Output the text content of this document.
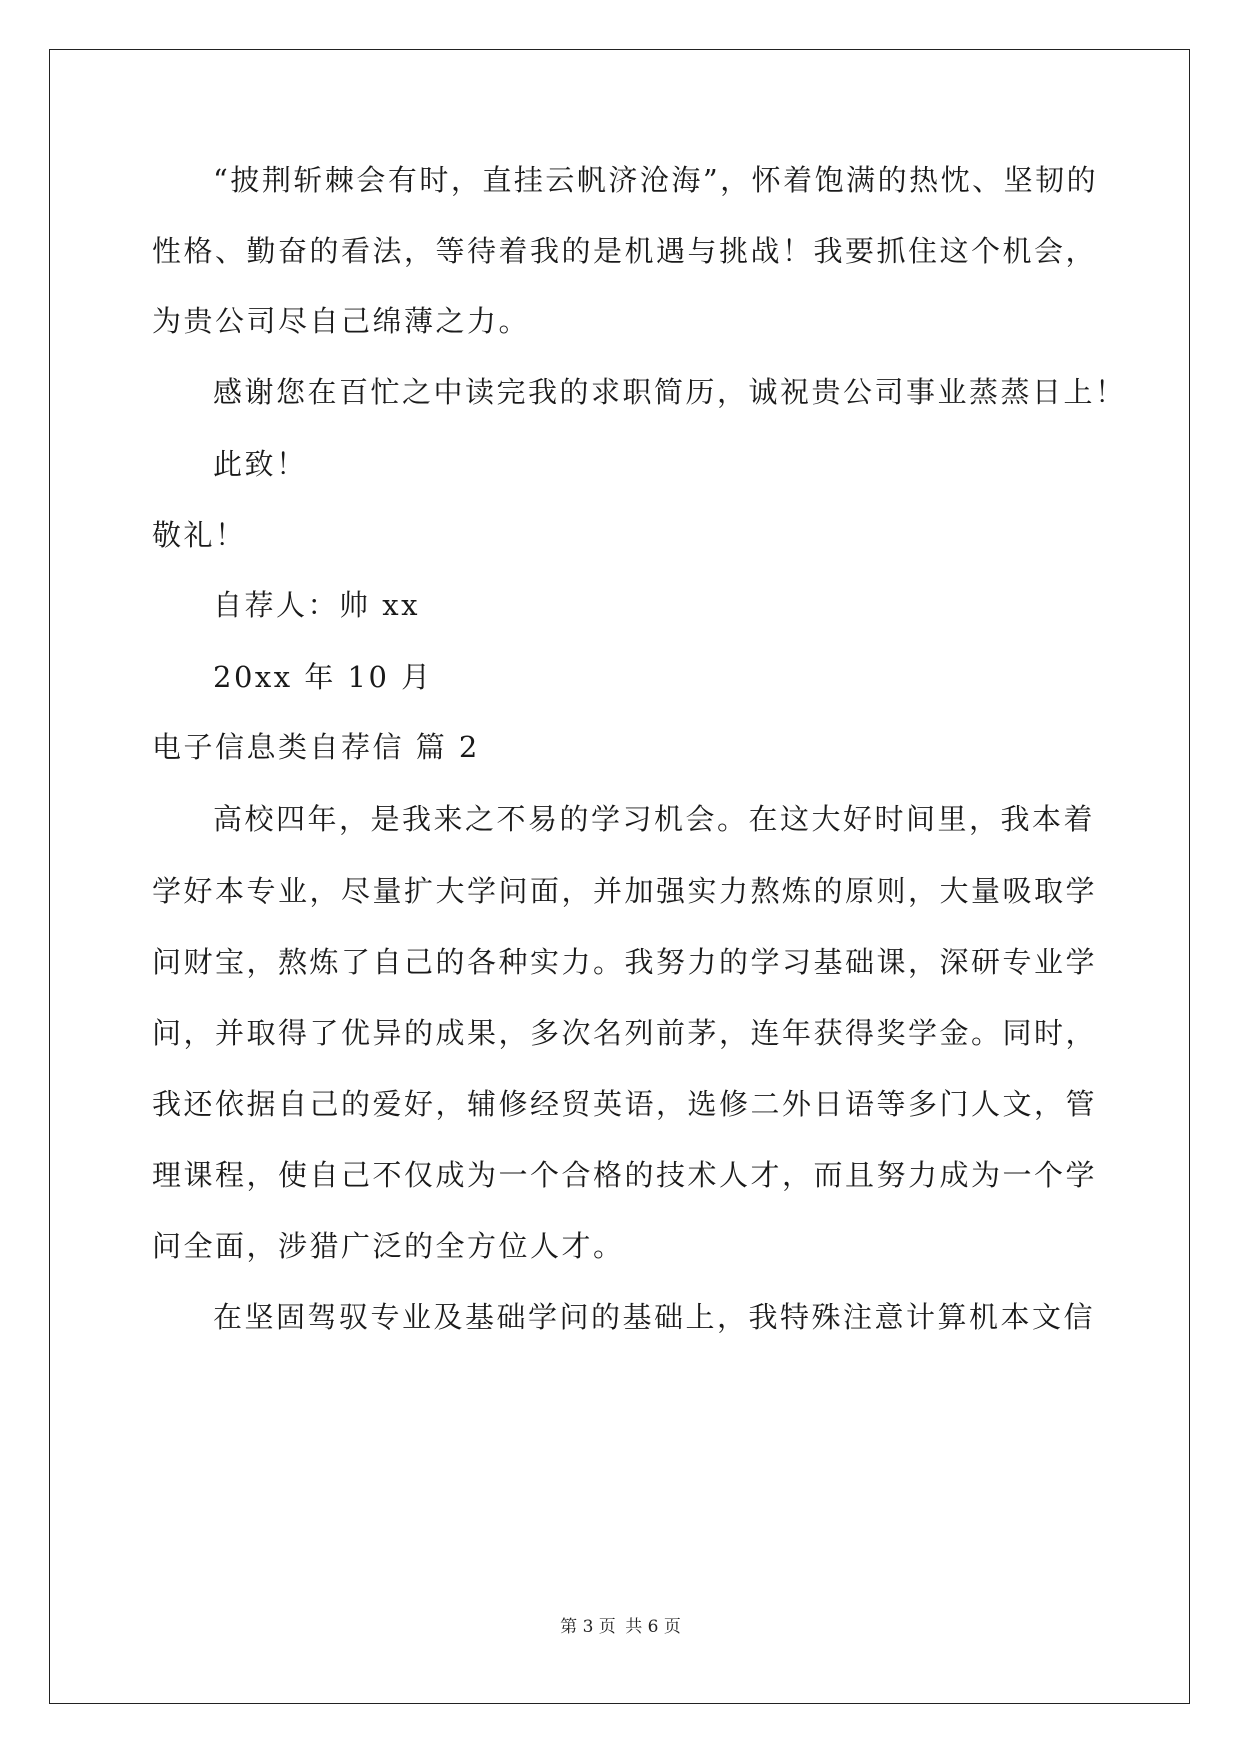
“披荆斩棘会有时，直挂云帆济沧海”，怀着饱满的热忱、坚韧的
性格、勤奋的看法，等待着我的是机遇与挑战！我要抓住这个机会，
为贵公司尽自己绵薄之力。
感谢您在百忙之中读完我的求职简历，诚祝贵公司事业蒸蒸日上！
此致！
敬礼！
自荐人：帅 xx
20xx 年 10 月
电子信息类自荐信 篇 2
高校四年，是我来之不易的学习机会。在这大好时间里，我本着
学好本专业，尽量扩大学问面，并加强实力熬炼的原则，大量吸取学
问财宝，熬炼了自己的各种实力。我努力的学习基础课，深研专业学
问，并取得了优异的成果，多次名列前茅，连年获得奖学金。同时，
我还依据自己的爱好，辅修经贸英语，选修二外日语等多门人文，管
理课程，使自己不仅成为一个合格的技术人才，而且努力成为一个学
问全面，涉猎广泛的全方位人才。
在坚固驾驭专业及基础学问的基础上，我特殊注意计算机本文信
第 3 页 共 6 页
